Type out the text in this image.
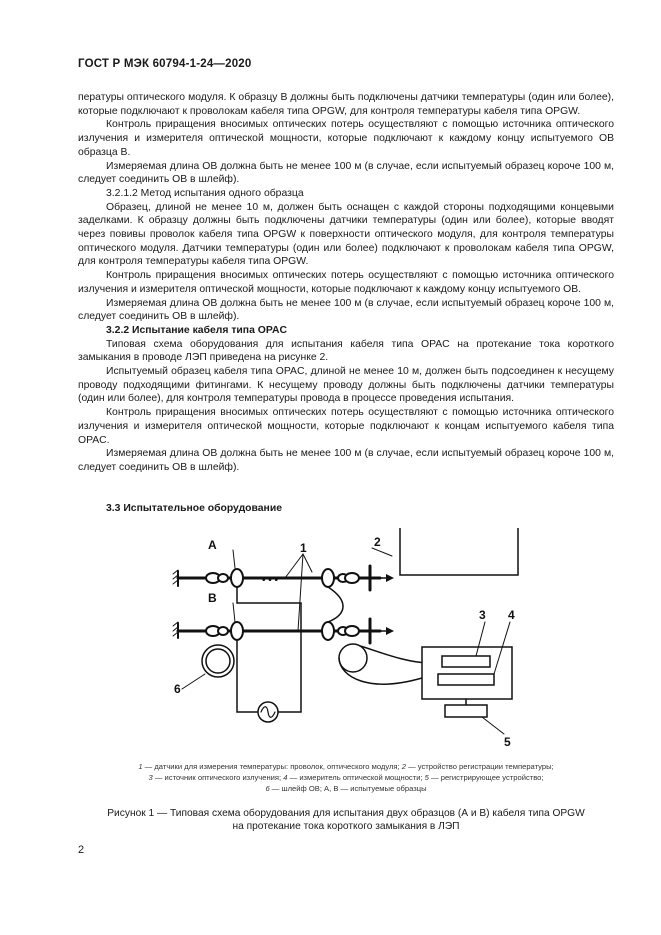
ГОСТ Р МЭК 60794-1-24—2020

пературы оптического модуля. К образцу В должны быть подключены датчики температуры (один или более), которые подключают к проволокам кабеля типа OPGW, для контроля температуры кабеля типа OPGW.

Контроль приращения вносимых оптических потерь осуществляют с помощью источника оптического излучения и измерителя оптической мощности, которые подключают к каждому концу испытуемого ОВ образца В.

Измеряемая длина ОВ должна быть не менее 100 м (в случае, если испытуемый образец короче 100 м, следует соединить ОВ в шлейф).

3.2.1.2 Метод испытания одного образца

Образец, длиной не менее 10 м, должен быть оснащен с каждой стороны подходящими концевыми заделками. К образцу должны быть подключены датчики температуры (один или более), которые вводят через повивы проволок кабеля типа OPGW к поверхности оптического модуля, для контроля температуры оптического модуля. Датчики температуры (один или более) подключают к проволокам кабеля типа OPGW, для контроля температуры кабеля типа OPGW.

Контроль приращения вносимых оптических потерь осуществляют с помощью источника оптического излучения и измерителя оптической мощности, которые подключают к каждому концу испытуемого ОВ.

Измеряемая длина ОВ должна быть не менее 100 м (в случае, если испытуемый образец короче 100 м, следует соединить ОВ в шлейф).

3.2.2 Испытание кабеля типа OPAC

Типовая схема оборудования для испытания кабеля типа OPAC на протекание тока короткого замыкания в проводе ЛЭП приведена на рисунке 2.

Испытуемый образец кабеля типа OPAC, длиной не менее 10 м, должен быть подсоединен к несущему проводу подходящими фитингами. К несущему проводу должны быть подключены датчики температуры (один или более), для контроля температуры провода в процессе проведения испытания.

Контроль приращения вносимых оптических потерь осуществляют с помощью источника оптического излучения и измерителя оптической мощности, которые подключают к концам испытуемого кабеля типа OPAC.

Измеряемая длина ОВ должна быть не менее 100 м (в случае, если испытуемый образец короче 100 м, следует соединить ОВ в шлейф).

3.3 Испытательное оборудование
A
B
1	2
3 4
5
6
• • •
1 — датчики для измерения температуры: проволок, оптического модуля; 2 — устройство регистрации температуры;
3 — источник оптического излучения; 4 — измеритель оптической мощности; 5 — регистрирующее устройство;
6 — шлейф ОВ; А, В — испытуемые образцы
Рисунок 1 — Типовая схема оборудования для испытания двух образцов (А и В) кабеля типа OPGW
на протекание тока короткого замыкания в ЛЭП
2
